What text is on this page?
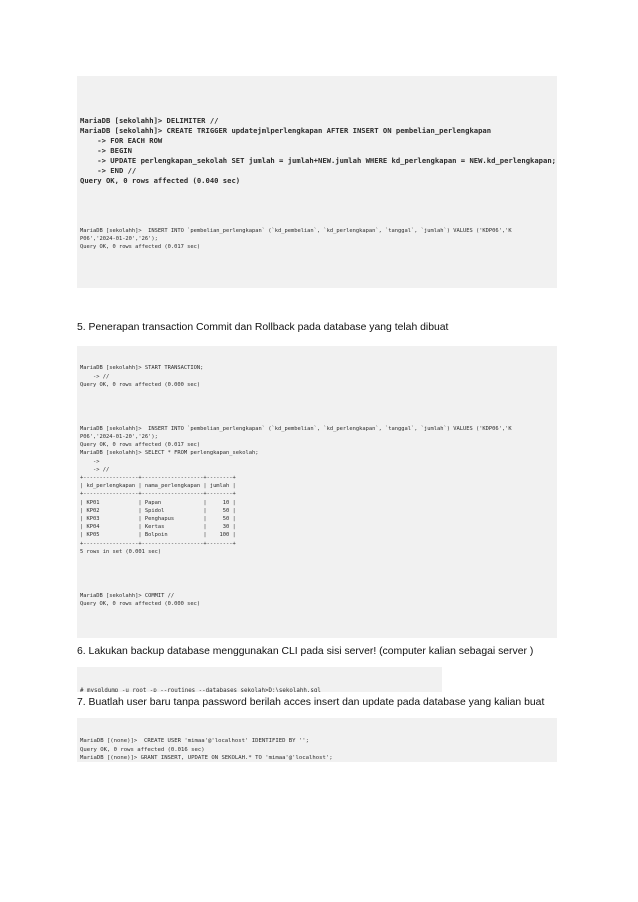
MariaDB [sekolahh]> DELIMITER //
MariaDB [sekolahh]> CREATE TRIGGER updatejmlperlengkapan AFTER INSERT ON pembelian_perlengkapan
-> FOR EACH ROW
-> BEGIN
-> UPDATE perlengkapan_sekolah SET jumlah = jumlah+NEW.jumlah WHERE kd_perlengkapan = NEW.kd_perlengkapan;
-> END //
Query OK, 0 rows affected (0.040 sec)

MariaDB [sekolahh]>  INSERT INTO `pembelian_perlengkapan` (`kd_pembelian`, `kd_perlengkapan`, `tanggal`, `jumlah`) VALUES ('KDP06','K
P06','2024-01-20','26');
Query OK, 0 rows affected (0.017 sec)

5. Penerapan transaction Commit dan Rollback pada database yang telah dibuat

MariaDB [sekolahh]> START TRANSACTION;
-> //
Query OK, 0 rows affected (0.000 sec)

MariaDB [sekolahh]>  INSERT INTO `pembelian_perlengkapan` (`kd_pembelian`, `kd_perlengkapan`, `tanggal`, `jumlah`) VALUES ('KDP06','K
P06','2024-01-20','26');
Query OK, 0 rows affected (0.017 sec)
MariaDB [sekolahh]> SELECT * FROM perlengkapan_sekolah;
->
-> //
+-----------------+-------------------+--------+
| kd_perlengkapan | nama_perlengkapan | jumlah |
+-----------------+-------------------+--------+
| KP01            | Papan             |     10 |
| KP02            | Spidol            |     50 |
| KP03            | Penghapus         |     50 |
| KP04            | Kertas            |     30 |
| KP05            | Bolpoin           |    100 |
+-----------------+-------------------+--------+
5 rows in set (0.001 sec)

MariaDB [sekolahh]> COMMIT //
Query OK, 0 rows affected (0.000 sec)

6. Lakukan backup database menggunakan CLI pada sisi server! (computer kalian sebagai server )

# mysqldump -u root -p --routines --databases sekolah>D:\sekolahh.sql

7. Buatlah user baru tanpa password berilah acces insert dan update pada database yang kalian buat

MariaDB [(none)]>  CREATE USER 'mimaa'@'localhost' IDENTIFIED BY '';
Query OK, 0 rows affected (0.016 sec)
MariaDB [(none)]> GRANT INSERT, UPDATE ON SEKOLAH.* TO 'mimaa'@'localhost';
